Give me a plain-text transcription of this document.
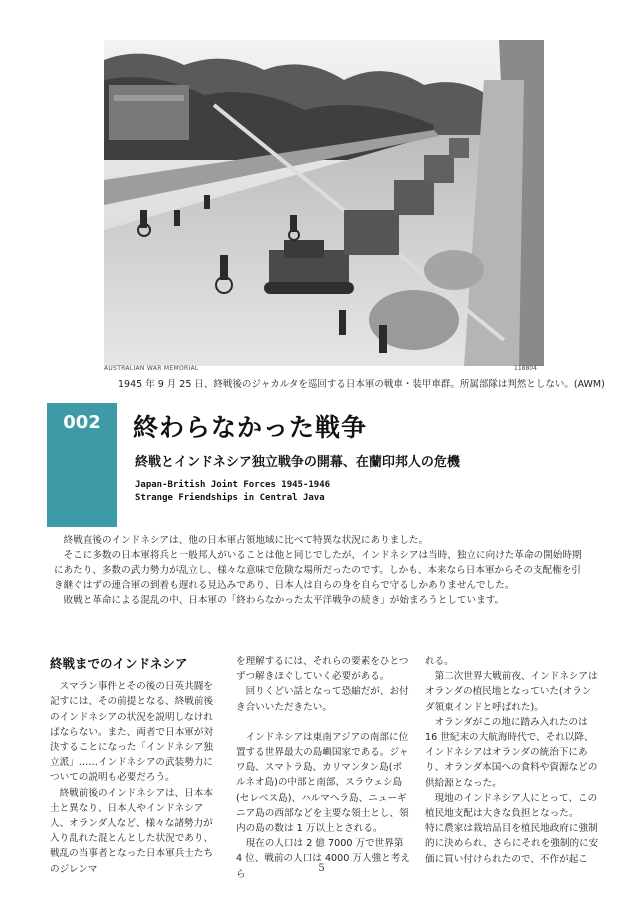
AUSTRALIAN WAR MEMORIAL	118804
1945 年 9 月 25 日、終戦後のジャカルタを巡回する日本軍の戦車・装甲車群。所属部隊は判然としない。(AWM)
002	終わらなかった戦争
終戦とインドネシア独立戦争の開幕、在蘭印邦人の危機
Japan-British Joint Forces 1945-1946
Strange Friendships in Central Java

　終戦直後のインドネシアは、他の日本軍占領地域に比べて特異な状況にありました。

　そこに多数の日本軍将兵と一般邦人がいることは他と同じでしたが、インドネシアは当時、独立に向けた革命の開始時期にあたり、多数の武力勢力が乱立し、様々な意味で危険な場所だったのです。しかも、本来なら日本軍からその支配権を引き継ぐはずの連合軍の到着も遅れる見込みであり、日本人は自らの身を自らで守るしかありませんでした。

　敗戦と革命による混乱の中、日本軍の「終わらなかった太平洋戦争の続き」が始まろうとしています。

終戦までのインドネシア

　スマラン事件とその後の日英共闘を記すには、その前提となる、終戦前後のインドネシアの状況を説明しなければならない。また、両者で日本軍が対決することになった「インドネシア独立派」……インドネシアの武装勢力についての説明も必要だろう。

　終戦前後のインドネシアは、日本本土と異なり、日本人やインドネシア人、オランダ人など、様々な諸勢力が入り乱れた混とんとした状況であり、戦乱の当事者となった日本軍兵士たちのジレンマ

を理解するには、それらの要素をひとつずつ解きほぐしていく必要がある。

　回りくどい話となって恐縮だが、お付き合いいただきたい。

　インドネシアは東南アジアの南部に位置する世界最大の島嶼国家である。ジャワ島、スマトラ島、カリマンタン島(ボルネオ島)の中部と南部、スラウェシ島(セレベス島)、ハルマヘラ島、ニューギニア島の西部などを主要な領土とし、領内の島の数は 1 万以上とされる。

　現在の人口は 2 億 7000 万で世界第 4 位、戦前の人口は 4000 万人強と考えら

れる。

　第二次世界大戦前夜、インドネシアはオランダの植民地となっていた(オランダ領東インドと呼ばれた)。

　オランダがこの地に踏み入れたのは 16 世紀末の大航海時代で、それ以降、インドネシアはオランダの統治下にあり、オランダ本国への食料や資源などの供給源となった。

　現地のインドネシア人にとって、この植民地支配は大きな負担となった。

特に農家は栽培品目を植民地政府に強制的に決められ、さらにそれを強制的に安価に買い付けられたので、不作が起こ

5
